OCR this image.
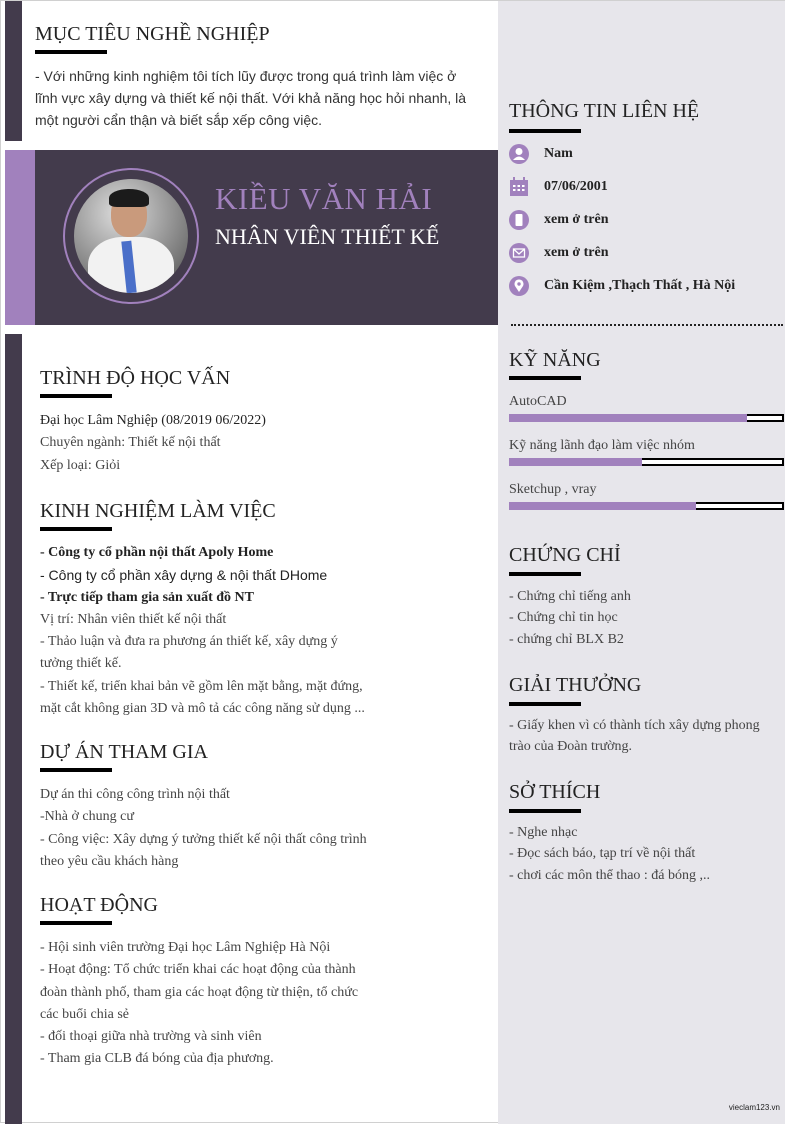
MỤC TIÊU NGHỀ NGHIỆP
- Với những kinh nghiệm tôi tích lũy được trong quá trình làm việc ở
lĩnh vực xây dựng và thiết kế nội thất. Với khả năng học hỏi nhanh, là
một người cẩn thận và biết sắp xếp công việc.
KIỀU VĂN HẢI
NHÂN VIÊN THIẾT KẾ
TRÌNH ĐỘ HỌC VẤN
Đại học Lâm Nghiệp (08/2019 06/2022)
Chuyên ngành: Thiết kế nội thất
Xếp loại: Giỏi
KINH NGHIỆM LÀM VIỆC
- Công ty cổ phần nội thất Apoly Home
- Công ty cổ phần xây dựng & nội thất DHome
- Trực tiếp tham gia sản xuất đồ NT
Vị trí: Nhân viên thiết kế nội thất
- Thảo luận và đưa ra phương án thiết kế, xây dựng ý
tưởng thiết kế.
- Thiết kế, triển khai bản vẽ gồm lên mặt bằng, mặt đứng,
mặt cắt không gian 3D và mô tả các công năng sử dụng ...
DỰ ÁN THAM GIA
Dự án thi công công trình nội thất
-Nhà ở chung cư
- Công việc: Xây dựng ý tưởng thiết kế nội thất công trình
theo yêu cầu khách hàng
HOẠT ĐỘNG
- Hội sinh viên trường Đại học Lâm Nghiệp Hà Nội
- Hoạt động: Tổ chức triển khai các hoạt động của thành
đoàn thành phố, tham gia các hoạt động từ thiện, tổ chức
các buổi chia sẻ
- đối thoại giữa nhà trường và sinh viên
- Tham gia CLB đá bóng của địa phương.
THÔNG TIN LIÊN HỆ
Nam
07/06/2001
xem ở trên
xem ở trên
Cần Kiệm ,Thạch Thất , Hà Nội
KỸ NĂNG
AutoCAD
Kỹ năng lãnh đạo làm việc nhóm
Sketchup , vray
CHỨNG CHỈ
- Chứng chỉ tiếng anh
- Chứng chỉ tin học
- chứng chỉ BLX B2
GIẢI THƯỞNG
- Giấy khen vì có thành tích xây dựng phong
trào của Đoàn trường.
SỞ THÍCH
- Nghe nhạc
- Đọc sách báo, tạp trí về nội thất
- chơi các môn thể thao : đá bóng ,..
vieclam123.vn
